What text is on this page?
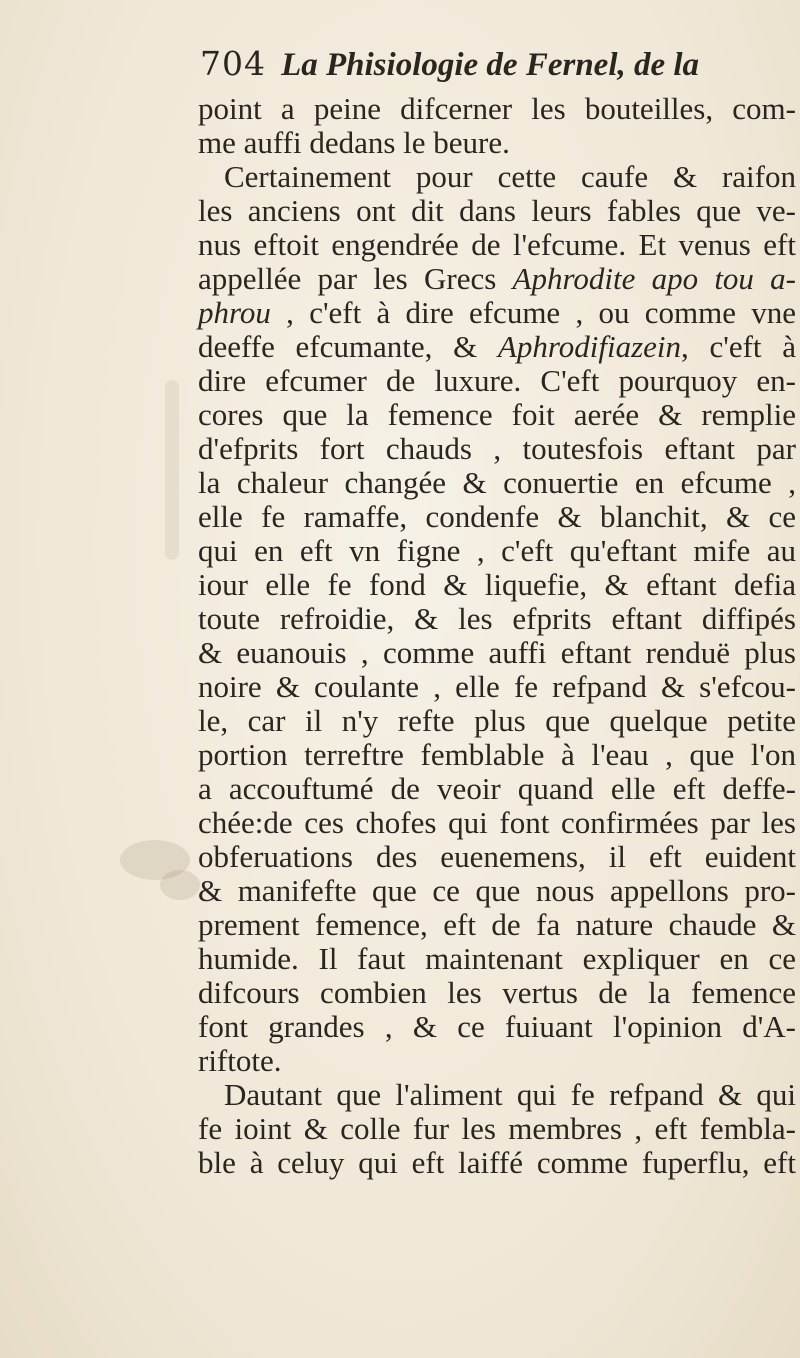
704 La Phisiologie de Fernel, de la
point a peine difcerner les bouteilles, com-
me auffi dedans le beure.
Certainement pour cette caufe & raifon
les anciens ont dit dans leurs fables que ve-
nus eftoit engendrée de l'efcume. Et venus eft
appellée par les Grecs Aphrodite apo tou a-
phrou , c'eft à dire efcume , ou comme vne
deeffe efcumante, & Aphrodifiazein, c'eft à
dire efcumer de luxure. C'eft pourquoy en-
cores que la femence foit aerée & remplie
d'efprits fort chauds , toutesfois eftant par
la chaleur changée & conuertie en efcume ,
elle fe ramaffe, condenfe & blanchit, & ce
qui en eft vn figne , c'eft qu'eftant mife au
iour elle fe fond & liquefie, & eftant defia
toute refroidie, & les efprits eftant diffipés
& euanouis , comme auffi eftant renduë plus
noire & coulante , elle fe refpand & s'efcou-
le, car il n'y refte plus que quelque petite
portion terreftre femblable à l'eau , que l'on
a accouftumé de veoir quand elle eft deffe-
chée:de ces chofes qui font confirmées par les
obferuations des euenemens, il eft euident
& manifefte que ce que nous appellons pro-
prement femence, eft de fa nature chaude &
humide. Il faut maintenant expliquer en ce
difcours combien les vertus de la femence
font grandes , & ce fuiuant l'opinion d'A-
riftote.
Dautant que l'aliment qui fe refpand & qui
fe ioint & colle fur les membres , eft fembla-
ble à celuy qui eft laiffé comme fuperflu, eft
